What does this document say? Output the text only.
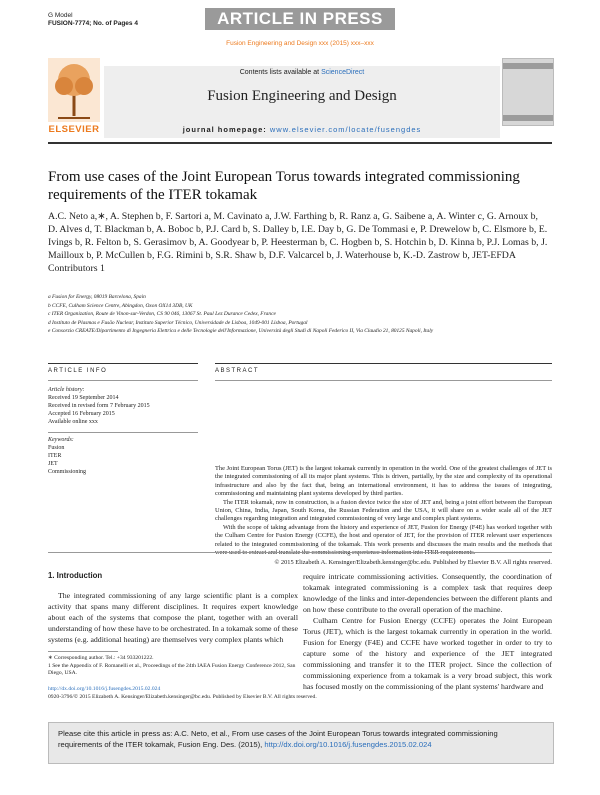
G Model
FUSION-7774; No. of Pages 4	ARTICLE IN PRESS
Fusion Engineering and Design xxx (2015) xxx–xxx
ELSEVIER
Contents lists available at ScienceDirect
Fusion Engineering and Design
journal homepage: www.elsevier.com/locate/fusengdes
From use cases of the Joint European Torus towards integrated commissioning requirements of the ITER tokamak
A.C. Neto a,∗, A. Stephen b, F. Sartori a, M. Cavinato a, J.W. Farthing b, R. Ranz a, G. Saibene a, A. Winter c, G. Arnoux b, D. Alves d, T. Blackman b, A. Boboc b, P.J. Card b, S. Dalley b, I.E. Day b, G. De Tommasi e, P. Drewelow b, C. Elsmore b, E. Ivings b, R. Felton b, S. Gerasimov b, A. Goodyear b, P. Heesterman b, C. Hogben b, S. Hotchin b, D. Kinna b, P.J. Lomas b, J. Mailloux b, P. McCullen b, F.G. Rimini b, S.R. Shaw b, D.F. Valcarcel b, J. Waterhouse b, K.-D. Zastrow b, JET-EFDA Contributors 1
a Fusion for Energy, 08019 Barcelona, Spain
b CCFE, Culham Science Centre, Abingdon, Oxon OX14 3DB, UK
c ITER Organization, Route de Vinon-sur-Verdon, CS 90 046, 13067 St. Paul Lez Durance Cedex, France
d Instituto de Plasmas e Fusão Nuclear, Instituto Superior Técnico, Universidade de Lisboa, 1049-001 Lisboa, Portugal
e Consorzio CREATE/Dipartimento di Ingegneria Elettrica e delle Tecnologie dell'Informazione, Università degli Studi di Napoli Federico II, Via Claudio 21, 80125 Napoli, Italy
ARTICLE INFO
Article history:
Received 19 September 2014
Received in revised form 7 February 2015
Accepted 16 February 2015
Available online xxx
Keywords:
Fusion
ITER
JET
Commissioning
ABSTRACT

The Joint European Torus (JET) is the largest tokamak currently in operation in the world. One of the greatest challenges of JET is the integrated commissioning of all its major plant systems. This is driven, partially, by the size and complexity of its operational infrastructure and also by the fact that, being an international environment, it has to address the issues of integrating, commissioning and maintaining plant systems developed by third parties.

The ITER tokamak, now in construction, is a fusion device twice the size of JET and, being a joint effort between the European Union, China, India, Japan, South Korea, the Russian Federation and the USA, it will share on a wider scale all of the JET challenges regarding integration and integrated commissioning of very large and complex plant systems.

With the scope of taking advantage from the history and experience of JET, Fusion for Energy (F4E) has worked together with the Culham Centre for Fusion Energy (CCFE), the host and operator of JET, for the provision of ITER relevant user experiences related to the integrated commissioning of the tokamak. This work presents and discusses the main results and the methods that

© 2015 Elizabeth A. Kensinger/Elizabeth.kensinger@bc.edu. Published by Elsevier B.V. All rights reserved.
1. Introduction

The integrated commissioning of any large scientific plant is a complex activity that spans many different disciplines. It requires expert knowledge about each of the systems that compose the plant, together with an overall understanding of how these have to be orchestrated. In a tokamak some of these systems (e.g. additional heating) are themselves very complex plants which

require intricate commissioning activities. Consequently, the coordination of tokamak integrated commissioning is a complex task that requires deep knowledge of the links and inter-dependencies between the different plants and on how these contribute to the overall operation of the machine.

Culham Centre for Fusion Energy (CCFE) operates the Joint European Torus (JET), which is the largest tokamak currently in operation in the world. Fusion for Energy (F4E) and CCFE have worked together in order to try to capture some of the history and experience of the JET integrated commissioning and transfer it to the ITER project. Since the collection of commissioning experience from a tokamak is a very broad subject, this work has focused mostly on the commissioning of the plant systems' hardware and

∗ Corresponding author. Tel.: +34 933201222.
1 See the Appendix of F. Romanelli et al., Proceedings of the 24th IAEA Fusion Energy Conference 2012, San Diego, USA.
http://dx.doi.org/10.1016/j.fusengdes.2015.02.024
0920-3796/© 2015 Elizabeth A. Kensinger/Elizabeth.kensinger@bc.edu. Published by Elsevier B.V. All rights reserved.
Please cite this article in press as: A.C. Neto, et al., From use cases of the Joint European Torus towards integrated commissioning
requirements of the ITER tokamak, Fusion Eng. Des. (2015), http://dx.doi.org/10.1016/j.fusengdes.2015.02.024
